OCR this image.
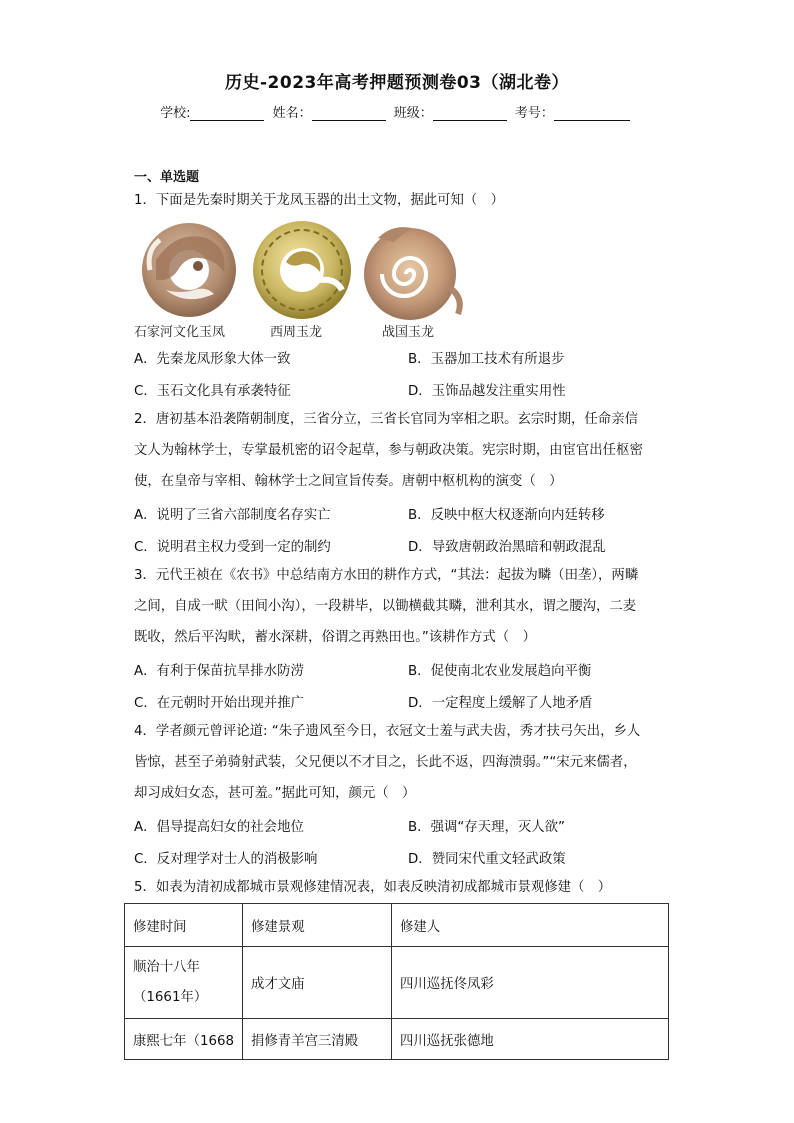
历史-2023年高考押题预测卷03（湖北卷）
学校:	姓名：	班级：	考号：
一、单选题
1．下面是先秦时期关于龙凤玉器的出土文物，据此可知（　）
石家河文化玉凤	西周玉龙	战国玉龙
A．先秦龙凤形象大体一致	B．玉器加工技术有所退步
C．玉石文化具有承袭特征	D．玉饰品越发注重实用性
2．唐初基本沿袭隋朝制度，三省分立，三省长官同为宰相之职。玄宗时期，任命亲信
文人为翰林学士，专掌最机密的诏令起草，参与朝政决策。宪宗时期，由宦官出任枢密
使，在皇帝与宰相、翰林学士之间宣旨传奏。唐朝中枢机构的演变（　）
A．说明了三省六部制度名存实亡	B．反映中枢大权逐渐向内廷转移
C．说明君主权力受到一定的制约	D．导致唐朝政治黑暗和朝政混乱
3．元代王祯在《农书》中总结南方水田的耕作方式，“其法：起拔为疄（田垄），两疄
之间，自成一畎（田间小沟），一段耕毕，以锄横截其疄，泄利其水，谓之腰沟，二麦
既收，然后平沟畎，蓄水深耕，俗谓之再熟田也。”该耕作方式（　）
A．有利于保苗抗旱排水防涝	B．促使南北农业发展趋向平衡
C．在元朝时开始出现并推广	D．一定程度上缓解了人地矛盾
4．学者颜元曾评论道: “朱子遗风至今日，衣冠文士羞与武夫齿，秀才扶弓矢出，乡人
皆惊，甚至子弟骑射武装，父兄便以不才目之，长此不返，四海溃弱。”“宋元来儒者，
却习成妇女态，甚可羞。”据此可知，颜元（　）
A．倡导提高妇女的社会地位	B．强调“存天理，灭人欲”
C．反对理学对士人的消极影响	D．赞同宋代重文轻武政策
5．如表为清初成都城市景观修建情况表，如表反映清初成都城市景观修建（　）
修建时间	修建景观	修建人

顺治十八年
（1661年）	成才文庙	四川巡抚佟凤彩
康熙七年（1668	捐修青羊宫三清殿	四川巡抚张德地
